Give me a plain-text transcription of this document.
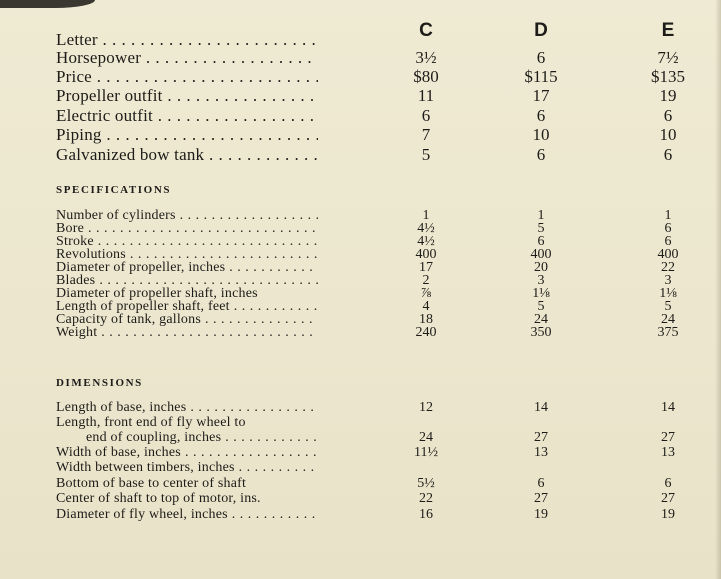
C	D	E
Letter . . .
Horsepower . . .	3½	6	7½
Price . . .	$80	$115	$135
Propeller outfit . . .	11	17	19
Electric outfit . . .	6	6	6
Piping . . .	7	10	10
Galvanized bow tank . . .	5	6	6
SPECIFICATIONS
Number of cylinders . . .	1	1	1
Bore . . .	4½	5	6
Stroke . . .	4½	6	6
Revolutions . . .	400	400	400
Diameter of propeller, inches . . .	17	20	22
Blades . . .	2	3	3
Diameter of propeller shaft, inches	⅞	1⅛	1⅛
Length of propeller shaft, feet . . .	4	5	5
Capacity of tank, gallons . . .	18	24	24
Weight . . .	240	350	375
DIMENSIONS
Length of base, inches . . .	12	14	14
Length, front end of fly wheel to
end of coupling, inches . . .	24	27	27
Width of base, inches . . .	11½	13	13
Width between timbers, inches . . .
Bottom of base to center of shaft	5½	6	6
Center of shaft to top of motor, ins.	22	27	27
Diameter of fly wheel, inches . . .	16	19	19
